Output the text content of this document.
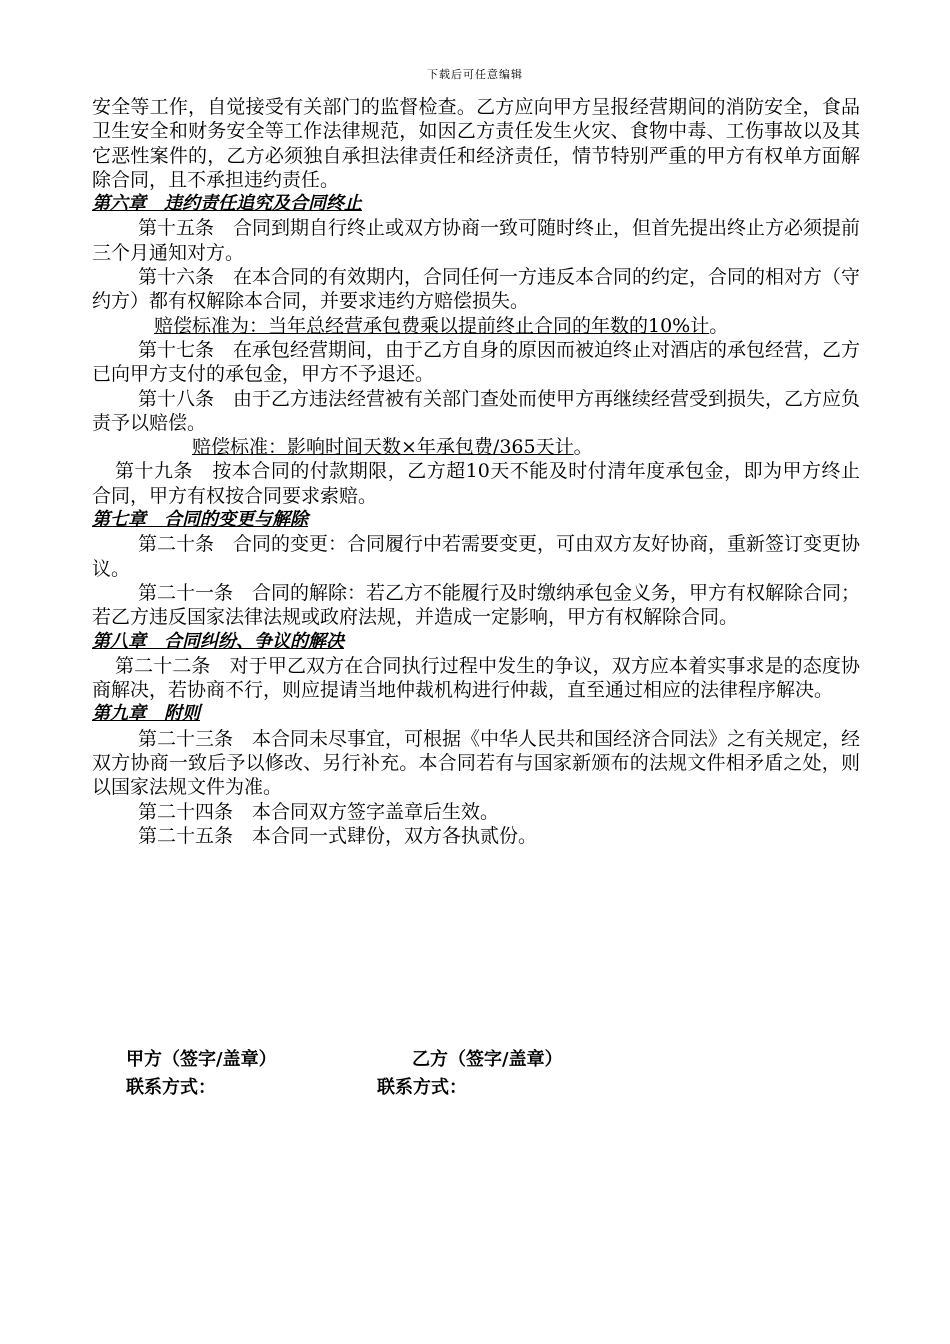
下载后可任意编辑

安全等工作，自觉接受有关部门的监督检查。乙方应向甲方呈报经营期间的消防安全，食品卫生安全和财务安全等工作法律规范，如因乙方责任发生火灾、食物中毒、工伤事故以及其它恶性案件的，乙方必须独自承担法律责任和经济责任，情节特别严重的甲方有权单方面解除合同，且不承担违约责任。

第六章　违约责任追究及合同终止

第十五条　合同到期自行终止或双方协商一致可随时终止，但首先提出终止方必须提前三个月通知对方。

第十六条　在本合同的有效期内，合同任何一方违反本合同的约定，合同的相对方（守约方）都有权解除本合同，并要求违约方赔偿损失。

赔偿标准为：当年总经营承包费乘以提前终止合同的年数的10%计。

第十七条　在承包经营期间，由于乙方自身的原因而被迫终止对酒店的承包经营，乙方已向甲方支付的承包金，甲方不予退还。

第十八条　由于乙方违法经营被有关部门查处而使甲方再继续经营受到损失，乙方应负责予以赔偿。

赔偿标准：影响时间天数×年承包费/365天计。

第十九条　按本合同的付款期限，乙方超10天不能及时付清年度承包金，即为甲方终止合同，甲方有权按合同要求索赔。

第七章　合同的变更与解除

第二十条　合同的变更：合同履行中若需要变更，可由双方友好协商，重新签订变更协议。

第二十一条　合同的解除：若乙方不能履行及时缴纳承包金义务，甲方有权解除合同；若乙方违反国家法律法规或政府法规，并造成一定影响，甲方有权解除合同。

第八章　合同纠纷、争议的解决

第二十二条　对于甲乙双方在合同执行过程中发生的争议，双方应本着实事求是的态度协商解决，若协商不行，则应提请当地仲裁机构进行仲裁，直至通过相应的法律程序解决。

第九章　附则

第二十三条　本合同未尽事宜，可根据《中华人民共和国经济合同法》之有关规定，经双方协商一致后予以修改、另行补充。本合同若有与国家新颁布的法规文件相矛盾之处，则以国家法规文件为准。

第二十四条　本合同双方签字盖章后生效。

第二十五条　本合同一式肆份，双方各执贰份。

甲方（签字/盖章）	乙方（签字/盖章）
联系方式：	联系方式：
